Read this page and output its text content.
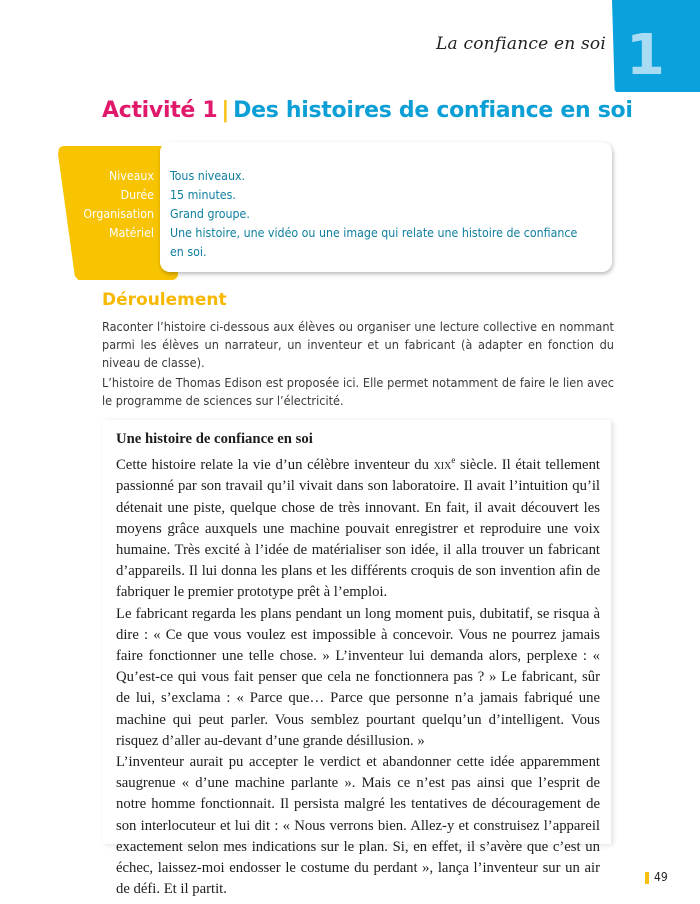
1
La confiance en soi
Activité 1 | Des histoires de confiance en soi
Niveaux
Durée
Organisation
Matériel
Tous niveaux.
15 minutes.
Grand groupe.
Une histoire, une vidéo ou une image qui relate une histoire de confiance en soi.
Déroulement

Raconter l’histoire ci-dessous aux élèves ou organiser une lecture collective en nommant parmi les élèves un narrateur, un inventeur et un fabricant (à adapter en fonction du niveau de classe).

L’histoire de Thomas Edison est proposée ici. Elle permet notamment de faire le lien avec le programme de sciences sur l’électricité.

Une histoire de confiance en soi

Cette histoire relate la vie d’un célèbre inventeur du xix$^e$ siècle. Il était tellement passionné par son travail qu’il vivait dans son laboratoire. Il avait l’intuition qu’il détenait une piste, quelque chose de très innovant. En fait, il avait découvert les moyens grâce auxquels une machine pouvait enregistrer et reproduire une voix humaine. Très excité à l’idée de matérialiser son idée, il alla trouver un fabricant d’appareils. Il lui donna les plans et les différents croquis de son invention afin de fabriquer le premier prototype prêt à l’emploi.

Le fabricant regarda les plans pendant un long moment puis, dubitatif, se risqua à dire : « Ce que vous voulez est impossible à concevoir. Vous ne pourrez jamais faire fonctionner une telle chose. » L’inventeur lui demanda alors, perplexe : « Qu’est-ce qui vous fait penser que cela ne fonctionnera pas ? » Le fabricant, sûr de lui, s’exclama : « Parce que… Parce que personne n’a jamais fabriqué une machine qui peut parler. Vous semblez pourtant quelqu’un d’intelligent. Vous risquez d’aller au-devant d’une grande désillusion. »

L’inventeur aurait pu accepter le verdict et abandonner cette idée apparemment saugrenue « d’une machine parlante ». Mais ce n’est pas ainsi que l’esprit de notre homme fonctionnait. Il persista malgré les tentatives de découragement de son interlocuteur et lui dit : « Nous verrons bien. Allez-y et construisez l’appareil exactement selon mes indications sur le plan. Si, en effet, il s’avère que c’est un échec, laissez-moi endosser le costume du perdant », lança l’inventeur sur un air de défi. Et il partit.

49
